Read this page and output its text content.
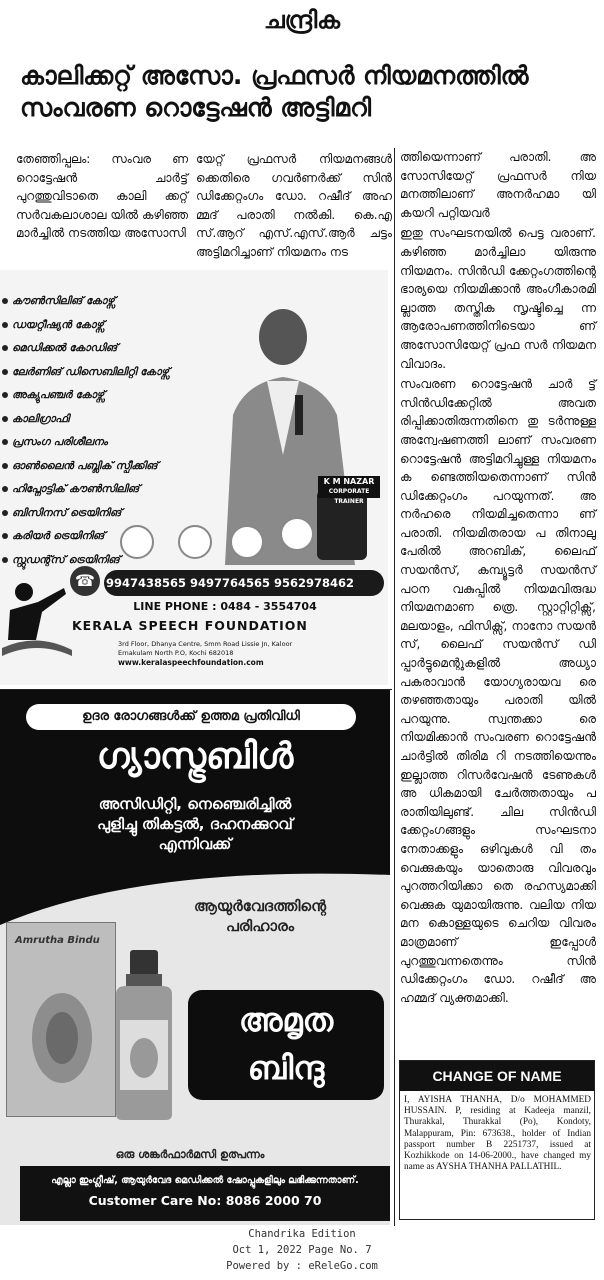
ചന്ദ്രിക
കാലിക്കറ്റ് അസോ. പ്രഫസർ നിയമനത്തിൽ
സംവരണ റൊട്ടേഷൻ അട്ടിമറി

തേഞ്ഞിപ്പലം: സംവര ണ റൊട്ടേഷൻ ചാർട്ട് പുറത്തുവിടാതെ കാലി ക്കറ്റ് സർവകലാശാല യിൽ കഴിഞ്ഞ മാർച്ചിൽ നടത്തിയ അസോസി

യേറ്റ് പ്രഫസർ നിയമനങ്ങൾ ക്കെതിരെ ഗവർണർക്ക് സിൻ ഡിക്കേറ്റംഗം ഡോ. റഷീദ് അഹ മ്മദ് പരാതി നൽകി. കെ.എ സ്.ആറ് എസ്.എസ്.ആർ ചട്ടം അട്ടിമറിച്ചാണ് നിയമനം നട

ത്തിയെന്നാണ് പരാതി. അ സോസിയേറ്റ് പ്രഫസർ നിയ മനത്തിലാണ് അനർഹമാ യി കയറി പറ്റിയവർ

ഇതു സംഘടനയിൽ പെട്ട വരാണ്. കഴിഞ്ഞ മാർച്ചിലാ യിരുന്നു നിയമനം. സിൻഡി ക്കേറ്റംഗത്തിന്റെ ഭാര്യയെ നിയമിക്കാൻ അംഗീകാരമി ല്ലാത്ത തസ്തിക സൃഷ്ടിച്ചെ ന്ന ആരോപണത്തിനിടെയാ ണ് അസോസിയേറ്റ് പ്രഫ സർ നിയമന വിവാദം.

സംവരണ റൊട്ടേഷൻ ചാർ ട്ട് സിൻഡിക്കേറ്റിൽ അവത രിപ്പിക്കാതിരുന്നതിനെ തു ടർന്നുള്ള അന്വേഷണത്തി ലാണ് സംവരണ റൊട്ടേഷൻ അട്ടിമറിച്ചുള്ള നിയമനം ക ണ്ടെത്തിയതെന്നാണ് സിൻ ഡിക്കേറ്റംഗം പറയുന്നത്. അ നർഹരെ നിയമിച്ചതെന്നാ ണ് പരാതി. നിയമിതരായ പ തിനാലു പേരിൽ അറബിക്, ലൈഫ് സയൻസ്, കമ്പ്യൂട്ടർ സയൻസ് പഠന വകുപ്പിൽ നിയമവിരുദ്ധ നിയമനമാണ ത്രെ. സ്റ്റാറ്റിറ്റിക്സ്, മലയാളം, ഫിസിക്സ്, നാനോ സയൻ സ്, ലൈഫ് സയൻസ് ഡി പ്പാർട്ടുമെന്റുകളിൽ അധ്യാ പകരാവാൻ യോഗ്യരായവ രെ തഴഞ്ഞതായും പരാതി യിൽ പറയുന്നു. സ്വന്തക്കാ രെ നിയമിക്കാൻ സംവരണ റൊട്ടേഷൻ ചാർട്ടിൽ തിരിമ റി നടത്തിയെന്നും ഇല്ലാത്ത റിസർവേഷൻ ടേണുകൾ അ ധികമായി ചേർത്തതായും പ രാതിയിലുണ്ട്. ചില സിൻഡി ക്കേറ്റംഗങ്ങളും സംഘടനാ നേതാക്കളും ഒഴിവുകൾ വി തം വെക്കുകയും യാതൊരു വിവരവും പുറത്തറിയിക്കാ തെ രഹസ്യമാക്കി വെക്കുക യുമായിരുന്നു. വലിയ നിയ മന കൊള്ളയുടെ ചെറിയ വിവരം മാത്രമാണ് ഇപ്പോൾ പുറത്തുവന്നതെന്നും സിൻ ഡിക്കേറ്റംഗം ഡോ. റഷീദ് അ ഹമ്മദ് വ്യക്തമാക്കി.

കൗൺസിലിങ് കോഴ്സ്
ഡയറ്റീഷ്യൻ കോഴ്സ്
മെഡിക്കൽ കോഡിങ്
ലേർണിങ് ഡിസെബിലിറ്റി കോഴ്സ്
അക്യുപഞ്ചർ കോഴ്സ്
കാലിഗ്രാഫി
പ്രസംഗ പരിശീലനം
ഓൺലൈൻ പബ്ലിക് സ്പീക്കിങ്
ഹിപ്നോട്ടിക് കൗൺസിലിങ്
ബിസിനസ് ട്രെയിനിങ്
കരിയർ ട്രെയിനിങ്
സ്റ്റുഡന്റ്സ് ട്രെയിനിങ്
K M NAZAR
CORPORATE TRAINER
☎ 9947438565 9497764565 9562978462
LINE PHONE : 0484 - 3554704
KERALA SPEECH FOUNDATION
3rd Floor, Dhanya Centre, Smm Road Lissie Jn, Kaloor
Ernakulam North P.O, Kochi 682018
www.keralaspeechfoundation.com
ഉദര രോഗങ്ങൾക്ക് ഉത്തമ പ്രതിവിധി
ഗ്യാസ്ട്രബിൾ
അസിഡിറ്റി, നെഞ്ചെരിച്ചിൽ
പുളിച്ചു തികട്ടൽ, ദഹനക്കുറവ്
എന്നിവക്ക്
ആയുർവേദത്തിന്റെ
പരിഹാരം
Amrutha Bindu
അമൃത
ബിന്ദു
ഒരു ശങ്കർഫാർമസി ഉത്പന്നം
എല്ലാ ഇംഗ്ലീഷ്, ആയുർവേദ മെഡിക്കൽ ഷോപ്പുകളിലും ലഭിക്കുന്നതാണ്.
Customer Care No: 8086 2000 70
CHANGE OF NAME
I, AYISHA THANHA, D/o MOHAMMED HUSSAIN. P, residing at Kadeeja manzil, Thurakkal, Thurakkal (Po), Kondoty, Malappuram, Pin: 673638., holder of Indian passport number B 2251737, issued at Kozhikkode on 14-06-2000., have changed my name as AYSHA THANHA PALLATHIL.
Chandrika Edition
Oct 1, 2022 Page No. 7
Powered by : eReleGo.com
